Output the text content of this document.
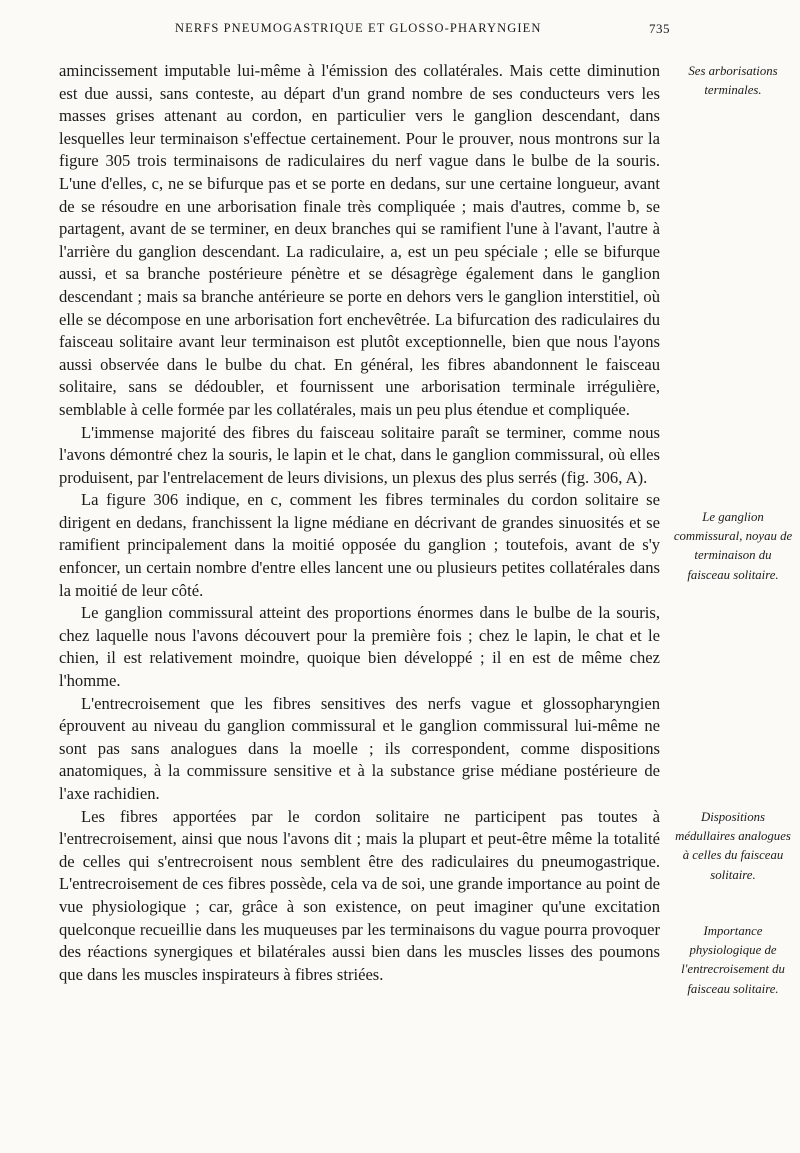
NERFS PNEUMOGASTRIQUE ET GLOSSO-PHARYNGIEN	735

amincissement imputable lui-même à l'émission des collatérales. Mais cette diminution est due aussi, sans conteste, au départ d'un grand nombre de ses conducteurs vers les masses grises attenant au cordon, en particulier vers le ganglion descendant, dans lesquelles leur terminaison s'effectue certainement. Pour le prouver, nous montrons sur la figure 305 trois terminaisons de radiculaires du nerf vague dans le bulbe de la souris. L'une d'elles, c, ne se bifurque pas et se porte en dedans, sur une certaine longueur, avant de se résoudre en une arborisation finale très compliquée ; mais d'autres, comme b, se partagent, avant de se terminer, en deux branches qui se ramifient l'une à l'avant, l'autre à l'arrière du ganglion descendant. La radiculaire, a, est un peu spéciale ; elle se bifurque aussi, et sa branche postérieure pénètre et se désagrège également dans le ganglion descendant ; mais sa branche antérieure se porte en dehors vers le ganglion interstitiel, où elle se décompose en une arborisation fort enchevêtrée. La bifurcation des radiculaires du faisceau solitaire avant leur terminaison est plutôt exceptionnelle, bien que nous l'ayons aussi observée dans le bulbe du chat. En général, les fibres abandonnent le faisceau solitaire, sans se dédoubler, et fournissent une arborisation terminale irrégulière, semblable à celle formée par les collatérales, mais un peu plus étendue et compliquée.

L'immense majorité des fibres du faisceau solitaire paraît se terminer, comme nous l'avons démontré chez la souris, le lapin et le chat, dans le ganglion commissural, où elles produisent, par l'entrelacement de leurs divisions, un plexus des plus serrés (fig. 306, A).

La figure 306 indique, en c, comment les fibres terminales du cordon solitaire se dirigent en dedans, franchissent la ligne médiane en décrivant de grandes sinuosités et se ramifient principalement dans la moitié opposée du ganglion ; toutefois, avant de s'y enfoncer, un certain nombre d'entre elles lancent une ou plusieurs petites collatérales dans la moitié de leur côté.

Le ganglion commissural atteint des proportions énormes dans le bulbe de la souris, chez laquelle nous l'avons découvert pour la première fois ; chez le lapin, le chat et le chien, il est relativement moindre, quoique bien développé ; il en est de même chez l'homme.

L'entrecroisement que les fibres sensitives des nerfs vague et glossopharyngien éprouvent au niveau du ganglion commissural et le ganglion commissural lui-même ne sont pas sans analogues dans la moelle ; ils correspondent, comme dispositions anatomiques, à la commissure sensitive et à la substance grise médiane postérieure de l'axe rachidien.

Les fibres apportées par le cordon solitaire ne participent pas toutes à l'entrecroisement, ainsi que nous l'avons dit ; mais la plupart et peut-être même la totalité de celles qui s'entrecroisent nous semblent être des radiculaires du pneumogastrique. L'entrecroisement de ces fibres possède, cela va de soi, une grande importance au point de vue physiologique ; car, grâce à son existence, on peut imaginer qu'une excitation quelconque recueillie dans les muqueuses par les terminaisons du vague pourra provoquer des réactions synergiques et bilatérales aussi bien dans les muscles lisses des poumons que dans les muscles inspirateurs à fibres striées.

Ses arborisations terminales.
Le ganglion commissural, noyau de terminaison du faisceau solitaire.
Dispositions médullaires analogues à celles du faisceau solitaire.
Importance physiologique de l'entrecroisement du faisceau solitaire.
